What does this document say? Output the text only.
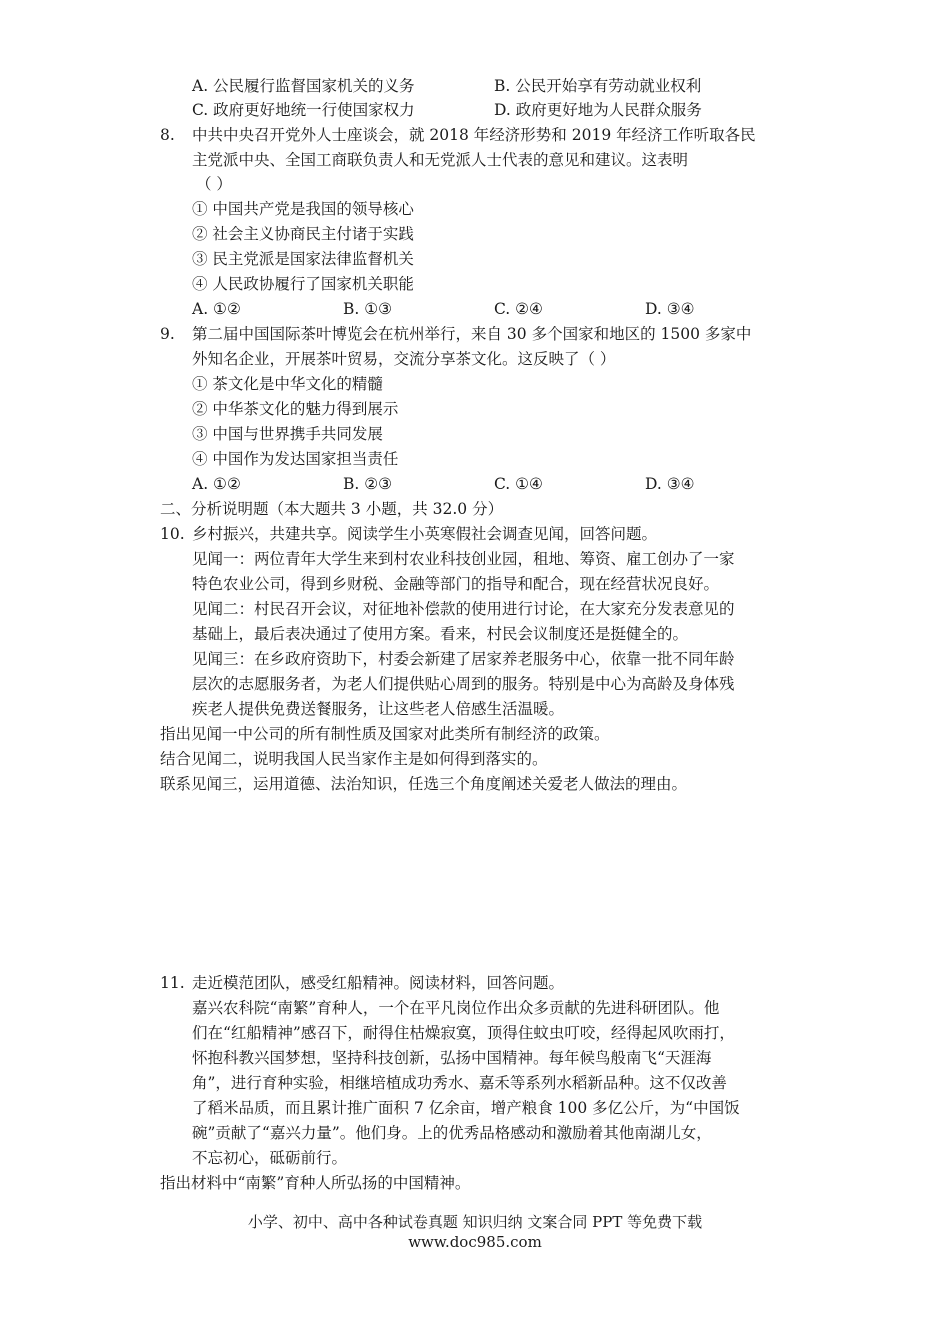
A. 公民履行监督国家机关的义务	B. 公民开始享有劳动就业权利
C. 政府更好地统一行使国家权力	D. 政府更好地为人民群众服务
8. 中共中央召开党外人士座谈会，就 2018 年经济形势和 2019 年经济工作听取各民
主党派中央、全国工商联负责人和无党派人士代表的意见和建议。这表明
（ ）
① 中国共产党是我国的领导核心
② 社会主义协商民主付诸于实践
③ 民主党派是国家法律监督机关
④ 人民政协履行了国家机关职能
A. ①②	B. ①③	C. ②④	D. ③④
9. 第二届中国国际茶叶博览会在杭州举行，来自 30 多个国家和地区的 1500 多家中
外知名企业，开展茶叶贸易，交流分享茶文化。这反映了（ ）
① 茶文化是中华文化的精髓
② 中华茶文化的魅力得到展示
③ 中国与世界携手共同发展
④ 中国作为发达国家担当责任
A. ①②	B. ②③	C. ①④	D. ③④
二、分析说明题（本大题共 3 小题，共 32.0 分）
10. 乡村振兴，共建共享。阅读学生小英寒假社会调查见闻，回答问题。
见闻一：两位青年大学生来到村农业科技创业园，租地、筹资、雇工创办了一家
特色农业公司，得到乡财税、金融等部门的指导和配合，现在经营状况良好。
见闻二：村民召开会议，对征地补偿款的使用进行讨论，在大家充分发表意见的
基础上，最后表决通过了使用方案。看来，村民会议制度还是挺健全的。
见闻三：在乡政府资助下，村委会新建了居家养老服务中心，依靠一批不同年龄
层次的志愿服务者，为老人们提供贴心周到的服务。特别是中心为高龄及身体残
疾老人提供免费送餐服务，让这些老人倍感生活温暖。
指出见闻一中公司的所有制性质及国家对此类所有制经济的政策。
结合见闻二，说明我国人民当家作主是如何得到落实的。
联系见闻三，运用道德、法治知识，任选三个角度阐述关爱老人做法的理由。
11. 走近模范团队，感受红船精神。阅读材料，回答问题。
嘉兴农科院“南繁”育种人，一个在平凡岗位作出众多贡献的先进科研团队。他
们在“红船精神”感召下，耐得住枯燥寂寞，顶得住蚊虫叮咬，经得起风吹雨打，
怀抱科教兴国梦想，坚持科技创新，弘扬中国精神。每年候鸟般南飞“天涯海
角”，进行育种实验，相继培植成功秀水、嘉禾等系列水稻新品种。这不仅改善
了稻米品质，而且累计推广面积 7 亿余亩，增产粮食 100 多亿公斤，为“中国饭
碗”贡献了“嘉兴力量”。他们身。上的优秀品格感动和激励着其他南湖儿女，
不忘初心，砥砺前行。
指出材料中“南繁”育种人所弘扬的中国精神。
小学、初中、高中各种试卷真题 知识归纳 文案合同 PPT 等免费下载
www.doc985.com
